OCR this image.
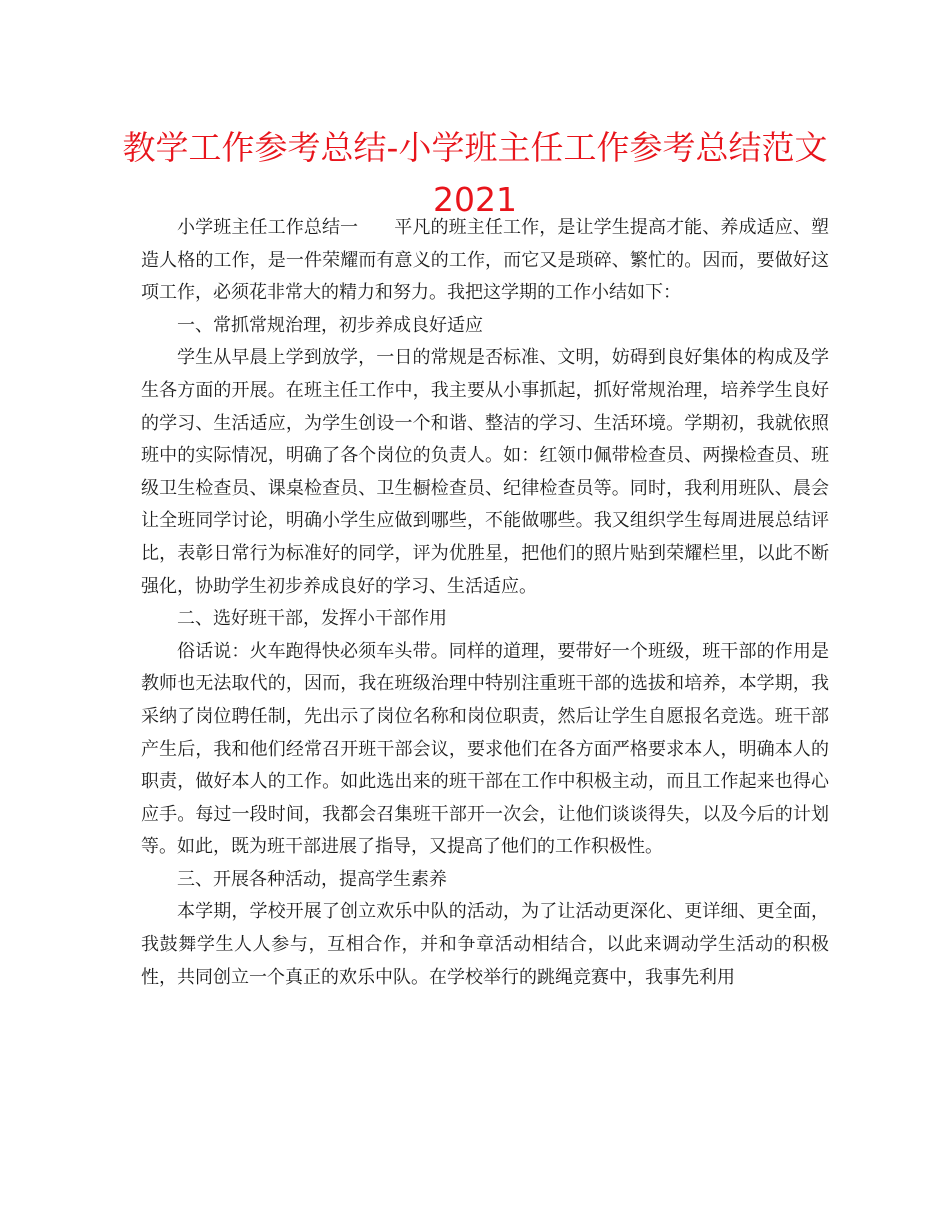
教学工作参考总结-小学班主任工作参考总结范文
2021

小学班主任工作总结一 平凡的班主任工作，是让学生提高才能、养成适应、塑造人格的工作，是一件荣耀而有意义的工作，而它又是琐碎、繁忙的。因而，要做好这项工作，必须花非常大的精力和努力。我把这学期的工作小结如下：

一、常抓常规治理，初步养成良好适应

学生从早晨上学到放学，一日的常规是否标准、文明，妨碍到良好集体的构成及学生各方面的开展。在班主任工作中，我主要从小事抓起，抓好常规治理，培养学生良好的学习、生活适应，为学生创设一个和谐、整洁的学习、生活环境。学期初，我就依照班中的实际情况，明确了各个岗位的负责人。如：红领巾佩带检查员、两操检查员、班级卫生检查员、课桌检查员、卫生橱检查员、纪律检查员等。同时，我利用班队、晨会让全班同学讨论，明确小学生应做到哪些，不能做哪些。我又组织学生每周进展总结评比，表彰日常行为标准好的同学，评为优胜星，把他们的照片贴到荣耀栏里，以此不断强化，协助学生初步养成良好的学习、生活适应。

二、选好班干部，发挥小干部作用

俗话说：火车跑得快必须车头带。同样的道理，要带好一个班级，班干部的作用是教师也无法取代的，因而，我在班级治理中特别注重班干部的选拔和培养，本学期，我采纳了岗位聘任制，先出示了岗位名称和岗位职责，然后让学生自愿报名竞选。班干部产生后，我和他们经常召开班干部会议，要求他们在各方面严格要求本人，明确本人的职责，做好本人的工作。如此选出来的班干部在工作中积极主动，而且工作起来也得心应手。每过一段时间，我都会召集班干部开一次会，让他们谈谈得失，以及今后的计划等。如此，既为班干部进展了指导，又提高了他们的工作积极性。

三、开展各种活动，提高学生素养

本学期，学校开展了创立欢乐中队的活动，为了让活动更深化、更详细、更全面，我鼓舞学生人人参与，互相合作，并和争章活动相结合，以此来调动学生活动的积极性，共同创立一个真正的欢乐中队。在学校举行的跳绳竞赛中，我事先利用
